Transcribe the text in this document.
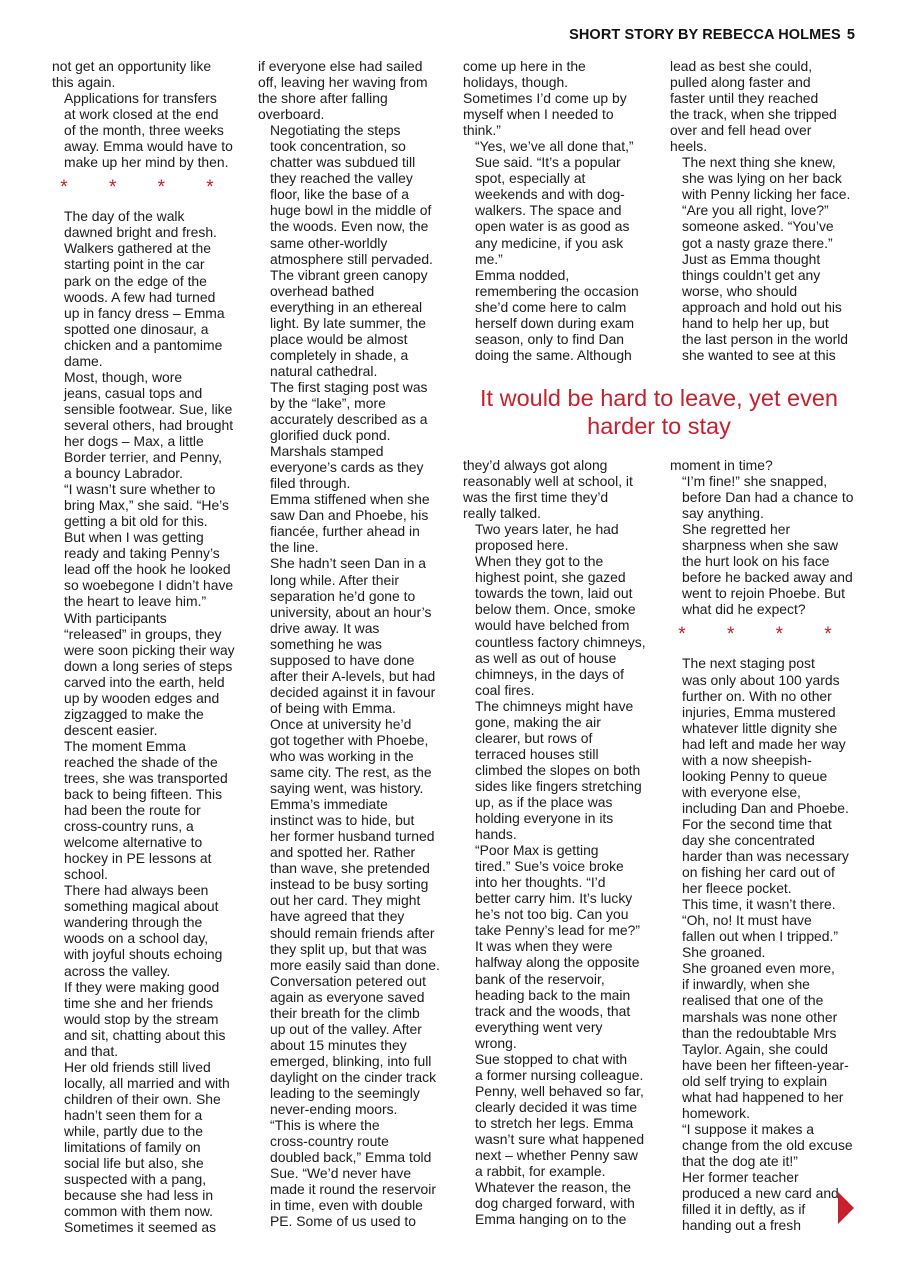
SHORT STORY BY REBECCA HOLMES 5

not get an opportunity like
this again.

Applications for transfers
at work closed at the end
of the month, three weeks
away. Emma would have to
make up her mind by then.

* * * *

The day of the walk
dawned bright and fresh.
Walkers gathered at the
starting point in the car
park on the edge of the
woods. A few had turned
up in fancy dress – Emma
spotted one dinosaur, a
chicken and a pantomime
dame.

Most, though, wore
jeans, casual tops and
sensible footwear. Sue, like
several others, had brought
her dogs – Max, a little
Border terrier, and Penny,
a bouncy Labrador.

“I wasn’t sure whether to
bring Max,” she said. “He’s
getting a bit old for this.
But when I was getting
ready and taking Penny’s
lead off the hook he looked
so woebegone I didn’t have
the heart to leave him.”

With participants
“released” in groups, they
were soon picking their way
down a long series of steps
carved into the earth, held
up by wooden edges and
zigzagged to make the
descent easier.

The moment Emma
reached the shade of the
trees, she was transported
back to being fifteen. This
had been the route for
cross-country runs, a
welcome alternative to
hockey in PE lessons at
school.

There had always been
something magical about
wandering through the
woods on a school day,
with joyful shouts echoing
across the valley.

If they were making good
time she and her friends
would stop by the stream
and sit, chatting about this
and that.

Her old friends still lived
locally, all married and with
children of their own. She
hadn’t seen them for a
while, partly due to the
limitations of family on
social life but also, she
suspected with a pang,
because she had less in
common with them now.

Sometimes it seemed as

if everyone else had sailed
off, leaving her waving from
the shore after falling
overboard.

Negotiating the steps
took concentration, so
chatter was subdued till
they reached the valley
floor, like the base of a
huge bowl in the middle of
the woods. Even now, the
same other-worldly
atmosphere still pervaded.

The vibrant green canopy
overhead bathed
everything in an ethereal
light. By late summer, the
place would be almost
completely in shade, a
natural cathedral.

The first staging post was
by the “lake”, more
accurately described as a
glorified duck pond.
Marshals stamped
everyone’s cards as they
filed through.

Emma stiffened when she
saw Dan and Phoebe, his
fiancée, further ahead in
the line.

She hadn’t seen Dan in a
long while. After their
separation he’d gone to
university, about an hour’s
drive away. It was
something he was
supposed to have done
after their A-levels, but had
decided against it in favour
of being with Emma.

Once at university he’d
got together with Phoebe,
who was working in the
same city. The rest, as the
saying went, was history.

Emma’s immediate
instinct was to hide, but
her former husband turned
and spotted her. Rather
than wave, she pretended
instead to be busy sorting
out her card. They might
have agreed that they
should remain friends after
they split up, but that was
more easily said than done.

Conversation petered out
again as everyone saved
their breath for the climb
up out of the valley. After
about 15 minutes they
emerged, blinking, into full
daylight on the cinder track
leading to the seemingly
never-ending moors.

“This is where the
cross-country route
doubled back,” Emma told
Sue. “We’d never have
made it round the reservoir
in time, even with double
PE. Some of us used to

come up here in the
holidays, though.
Sometimes I’d come up by
myself when I needed to
think.”

“Yes, we’ve all done that,”
Sue said. “It’s a popular
spot, especially at
weekends and with dog-
walkers. The space and
open water is as good as
any medicine, if you ask
me.”

Emma nodded,
remembering the occasion
she’d come here to calm
herself down during exam
season, only to find Dan
doing the same. Although

lead as best she could,
pulled along faster and
faster until they reached
the track, when she tripped
over and fell head over
heels.

The next thing she knew,
she was lying on her back
with Penny licking her face.

“Are you all right, love?”
someone asked. “You’ve
got a nasty graze there.”

Just as Emma thought
things couldn’t get any
worse, who should
approach and hold out his
hand to help her up, but
the last person in the world
she wanted to see at this

It would be hard to leave, yet even
harder to stay

they’d always got along
reasonably well at school, it
was the first time they’d
really talked.

Two years later, he had
proposed here.

When they got to the
highest point, she gazed
towards the town, laid out
below them. Once, smoke
would have belched from
countless factory chimneys,
as well as out of house
chimneys, in the days of
coal fires.

The chimneys might have
gone, making the air
clearer, but rows of
terraced houses still
climbed the slopes on both
sides like fingers stretching
up, as if the place was
holding everyone in its
hands.

“Poor Max is getting
tired.” Sue’s voice broke
into her thoughts. “I’d
better carry him. It’s lucky
he’s not too big. Can you
take Penny’s lead for me?”

It was when they were
halfway along the opposite
bank of the reservoir,
heading back to the main
track and the woods, that
everything went very
wrong.

Sue stopped to chat with
a former nursing colleague.
Penny, well behaved so far,
clearly decided it was time
to stretch her legs. Emma
wasn’t sure what happened
next – whether Penny saw
a rabbit, for example.

Whatever the reason, the
dog charged forward, with
Emma hanging on to the

moment in time?

“I’m fine!” she snapped,
before Dan had a chance to
say anything.

She regretted her
sharpness when she saw
the hurt look on his face
before he backed away and
went to rejoin Phoebe. But
what did he expect?

* * * *

The next staging post
was only about 100 yards
further on. With no other
injuries, Emma mustered
whatever little dignity she
had left and made her way
with a now sheepish-
looking Penny to queue
with everyone else,
including Dan and Phoebe.

For the second time that
day she concentrated
harder than was necessary
on fishing her card out of
her fleece pocket.

This time, it wasn’t there.

“Oh, no! It must have
fallen out when I tripped.”
She groaned.

She groaned even more,
if inwardly, when she
realised that one of the
marshals was none other
than the redoubtable Mrs
Taylor. Again, she could
have been her fifteen-year-
old self trying to explain
what had happened to her
homework.

“I suppose it makes a
change from the old excuse
that the dog ate it!”

Her former teacher
produced a new card and
filled it in deftly, as if
handing out a fresh
